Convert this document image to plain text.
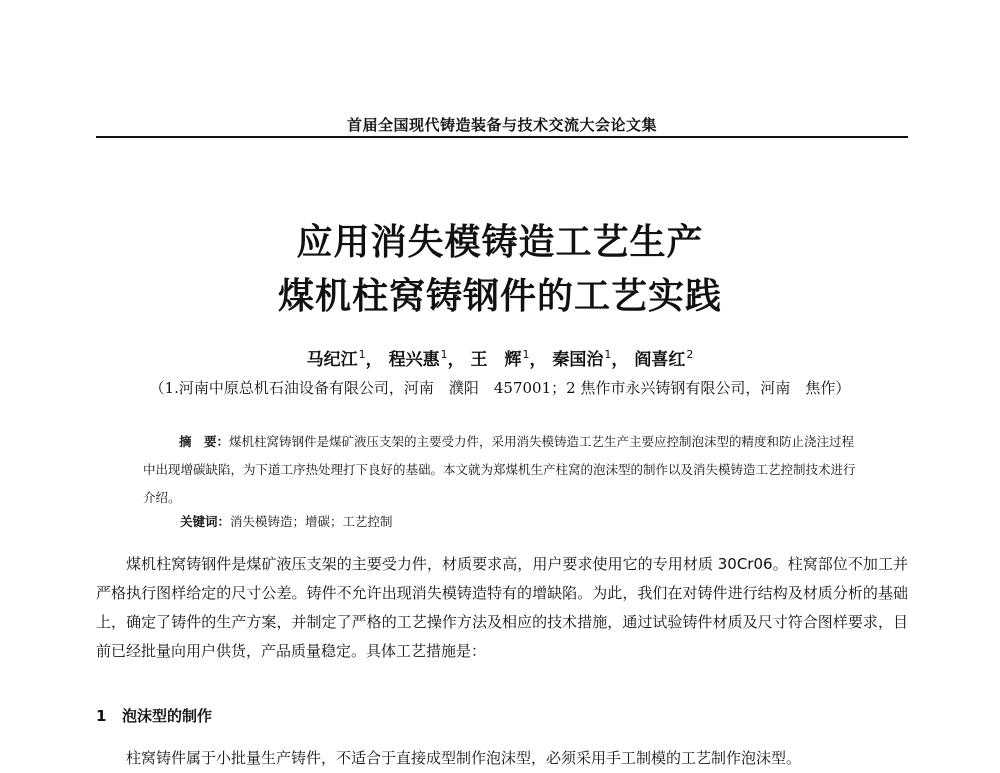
首届全国现代铸造装备与技术交流大会论文集
应用消失模铸造工艺生产
煤机柱窝铸钢件的工艺实践
马纪江$^1$， 程兴惠$^1$， 王　辉$^1$， 秦国治$^1$， 阎喜红$^2$
（1.河南中原总机石油设备有限公司，河南　濮阳　457001；2 焦作市永兴铸钢有限公司，河南　焦作）
摘　要：煤机柱窝铸钢件是煤矿液压支架的主要受力件，采用消失模铸造工艺生产主要应控制泡沫型的精度和防止浇注过程中出现增碳缺陷，为下道工序热处理打下良好的基础。本文就为郑煤机生产柱窝的泡沫型的制作以及消失模铸造工艺控制技术进行介绍。
关键词：消失模铸造；增碳；工艺控制
煤机柱窝铸钢件是煤矿液压支架的主要受力件，材质要求高，用户要求使用它的专用材质 30Cr06。柱窝部位不加工并严格执行图样给定的尺寸公差。铸件不允许出现消失模铸造特有的增缺陷。为此，我们在对铸件进行结构及材质分析的基础上，确定了铸件的生产方案，并制定了严格的工艺操作方法及相应的技术措施，通过试验铸件材质及尺寸符合图样要求，目前已经批量向用户供货，产品质量稳定。具体工艺措施是：
1 泡沫型的制作
柱窝铸件属于小批量生产铸件，不适合于直接成型制作泡沫型，必须采用手工制模的工艺制作泡沫型。
